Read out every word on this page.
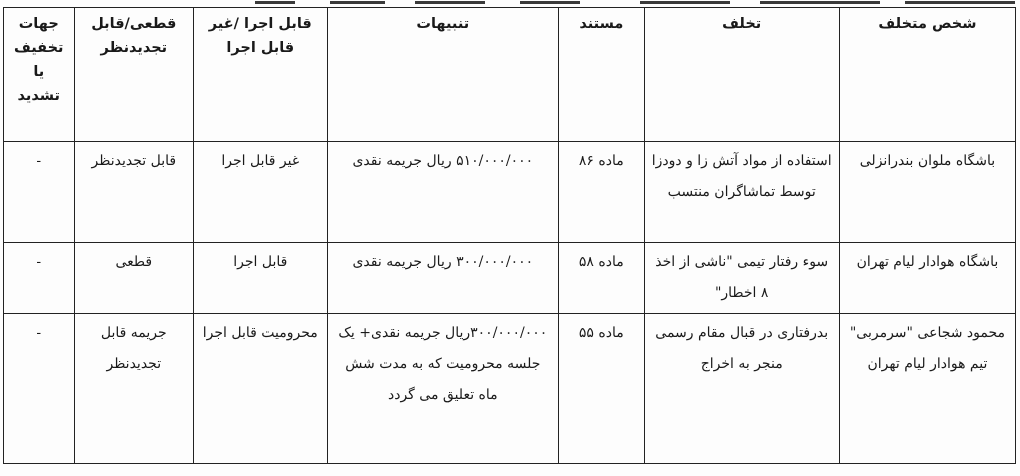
شخص متخلف	تخلف	مستند	تنبیهات	قابل اجرا /غیر قابل اجرا	قطعی/قابل تجدیدنظر	جهات تخفیف یا تشدید
باشگاه ملوان بندرانزلی	استفاده از مواد آتش زا و دودزا توسط تماشاگران منتسب	ماده ۸۶	۵۱۰/۰۰۰/۰۰۰ ریال جریمه نقدی	غیر قابل اجرا	قابل تجدیدنظر	-
باشگاه هوادار لیام تهران	سوء رفتار تیمی "ناشی از اخذ ۸ اخطار"	ماده ۵۸	۳۰۰/۰۰۰/۰۰۰ ریال جریمه نقدی	قابل اجرا	قطعی	-
محمود شجاعی "سرمربی" تیم هوادار لیام تهران	بدرفتاری در قبال مقام رسمی منجر به اخراج	ماده ۵۵	۳۰۰/۰۰۰/۰۰۰ریال جریمه نقدی+ یک جلسه محرومیت که به مدت شش ماه تعلیق می گردد	محرومیت قابل اجرا	جریمه قابل تجدیدنظر	-
